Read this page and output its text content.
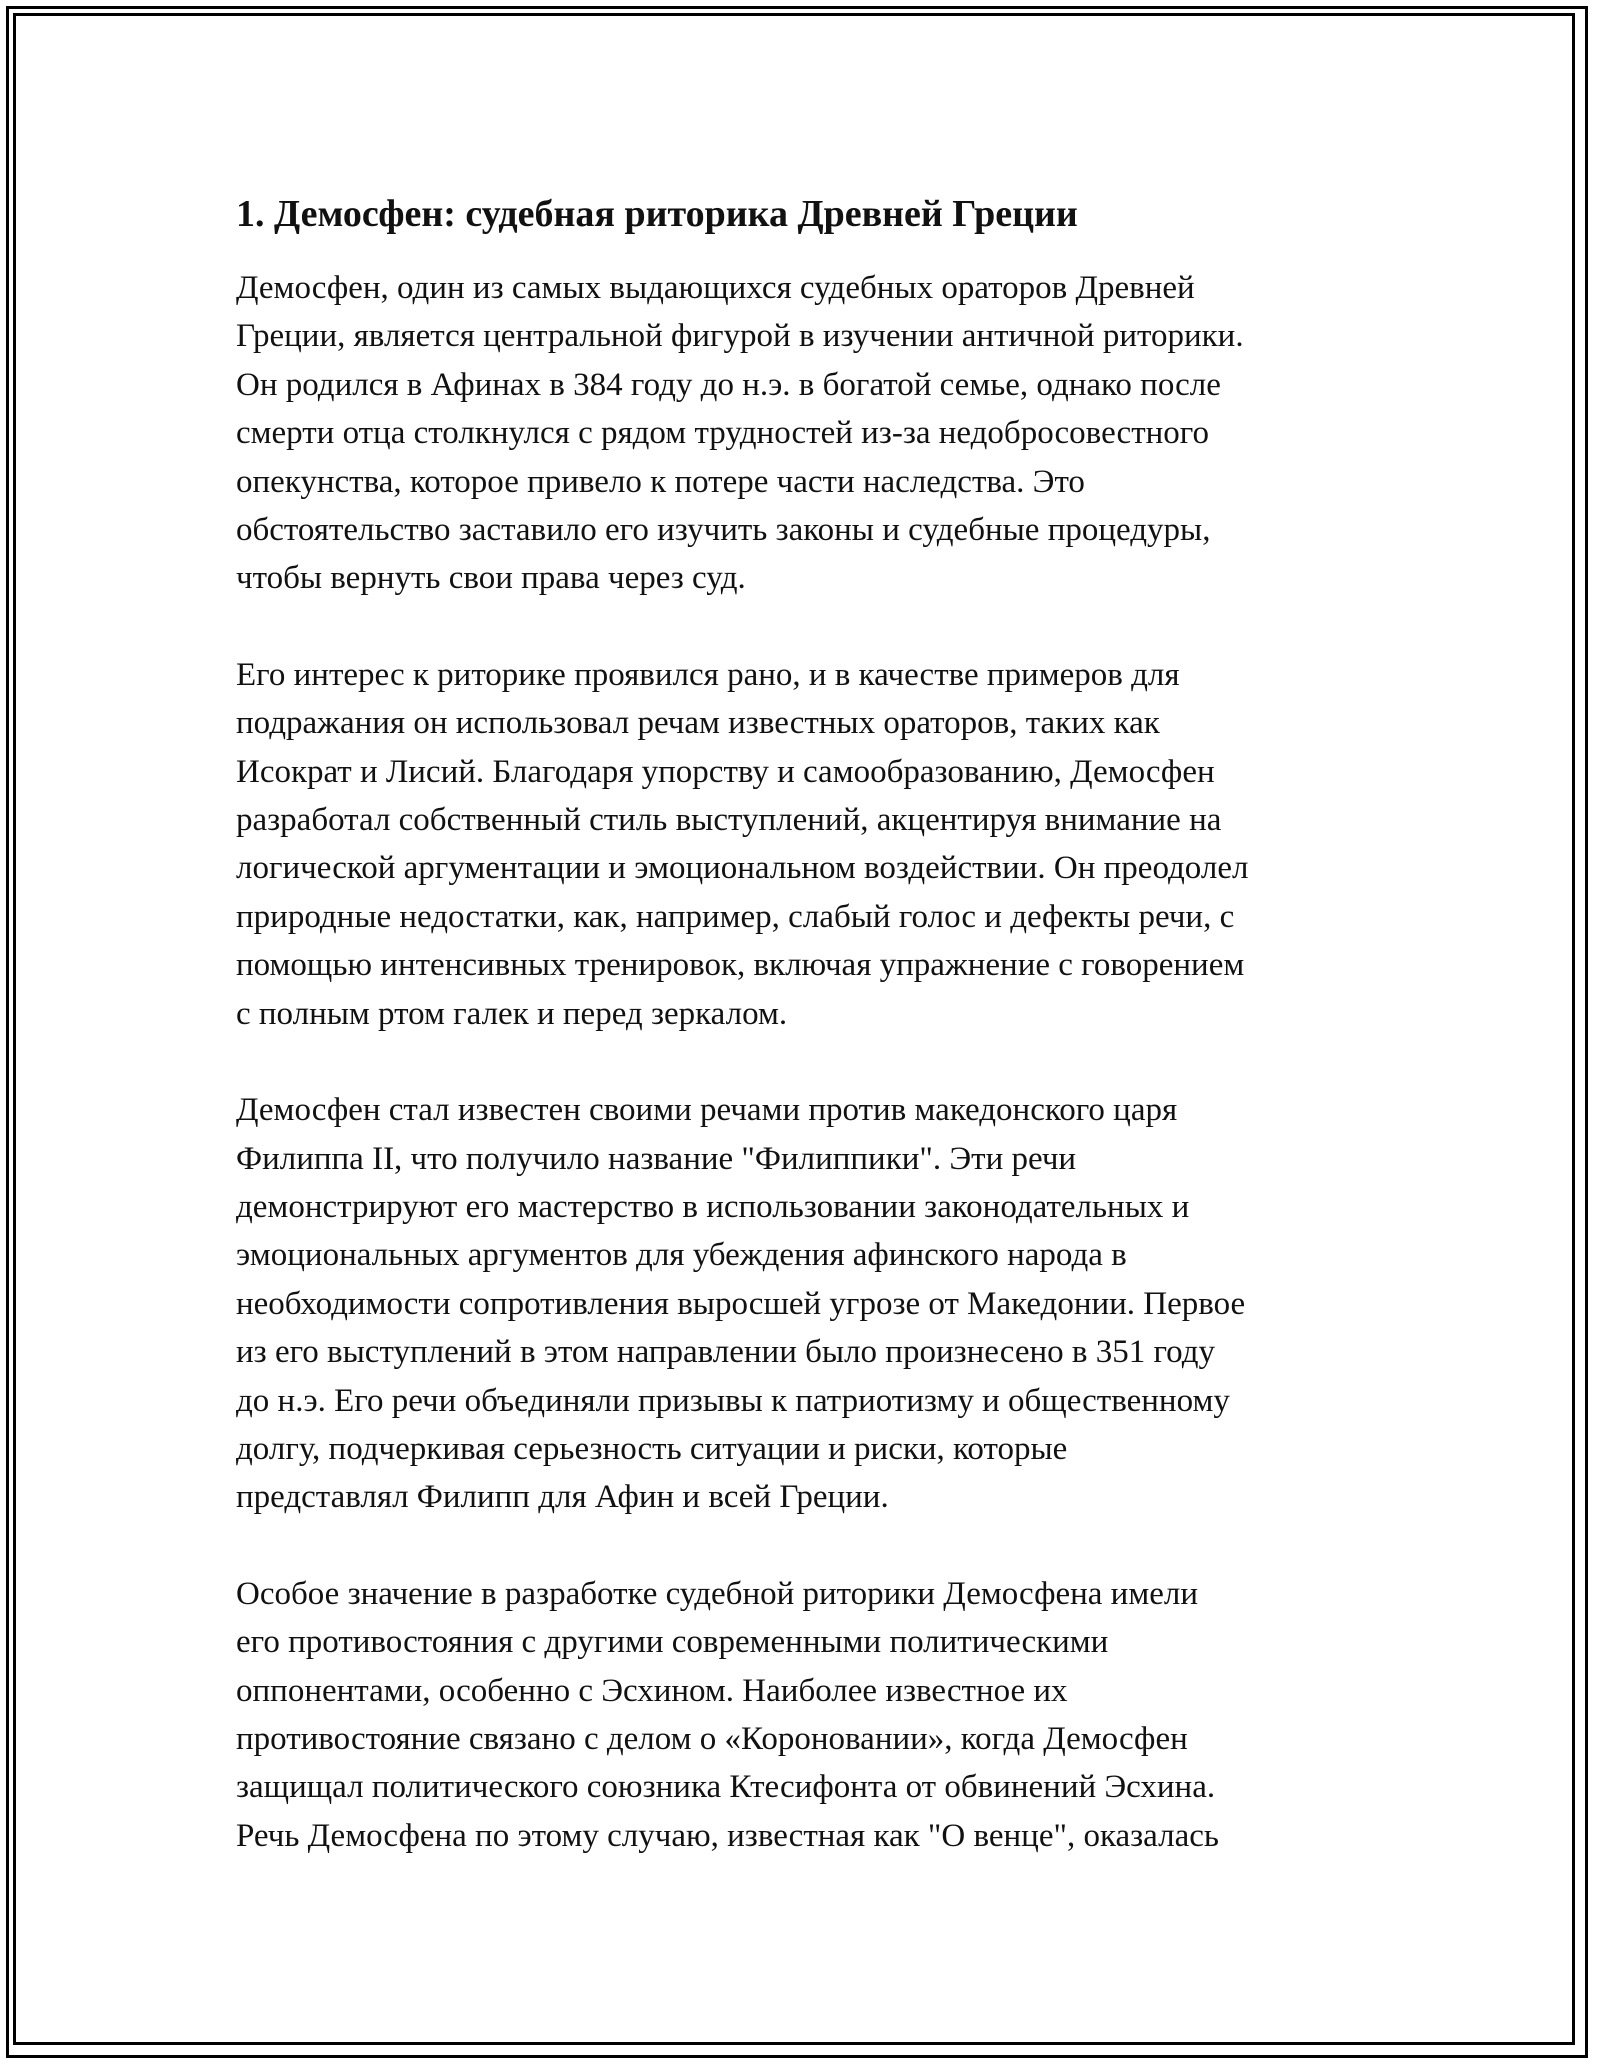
1. Демосфен: судебная риторика Древней Греции
Демосфен, один из самых выдающихся судебных ораторов Древней
Греции, является центральной фигурой в изучении античной риторики.
Он родился в Афинах в 384 году до н.э. в богатой семье, однако после
смерти отца столкнулся с рядом трудностей из-за недобросовестного
опекунства, которое привело к потере части наследства. Это
обстоятельство заставило его изучить законы и судебные процедуры,
чтобы вернуть свои права через суд.
Его интерес к риторике проявился рано, и в качестве примеров для
подражания он использовал речам известных ораторов, таких как
Исократ и Лисий. Благодаря упорству и самообразованию, Демосфен
разработал собственный стиль выступлений, акцентируя внимание на
логической аргументации и эмоциональном воздействии. Он преодолел
природные недостатки, как, например, слабый голос и дефекты речи, с
помощью интенсивных тренировок, включая упражнение с говорением
с полным ртом галек и перед зеркалом.
Демосфен стал известен своими речами против македонского царя
Филиппа II, что получило название "Филиппики". Эти речи
демонстрируют его мастерство в использовании законодательных и
эмоциональных аргументов для убеждения афинского народа в
необходимости сопротивления выросшей угрозе от Македонии. Первое
из его выступлений в этом направлении было произнесено в 351 году
до н.э. Его речи объединяли призывы к патриотизму и общественному
долгу, подчеркивая серьезность ситуации и риски, которые
представлял Филипп для Афин и всей Греции.
Особое значение в разработке судебной риторики Демосфена имели
его противостояния с другими современными политическими
оппонентами, особенно с Эсхином. Наиболее известное их
противостояние связано с делом о «Короновании», когда Демосфен
защищал политического союзника Ктесифонта от обвинений Эсхина.
Речь Демосфена по этому случаю, известная как "О венце", оказалась
